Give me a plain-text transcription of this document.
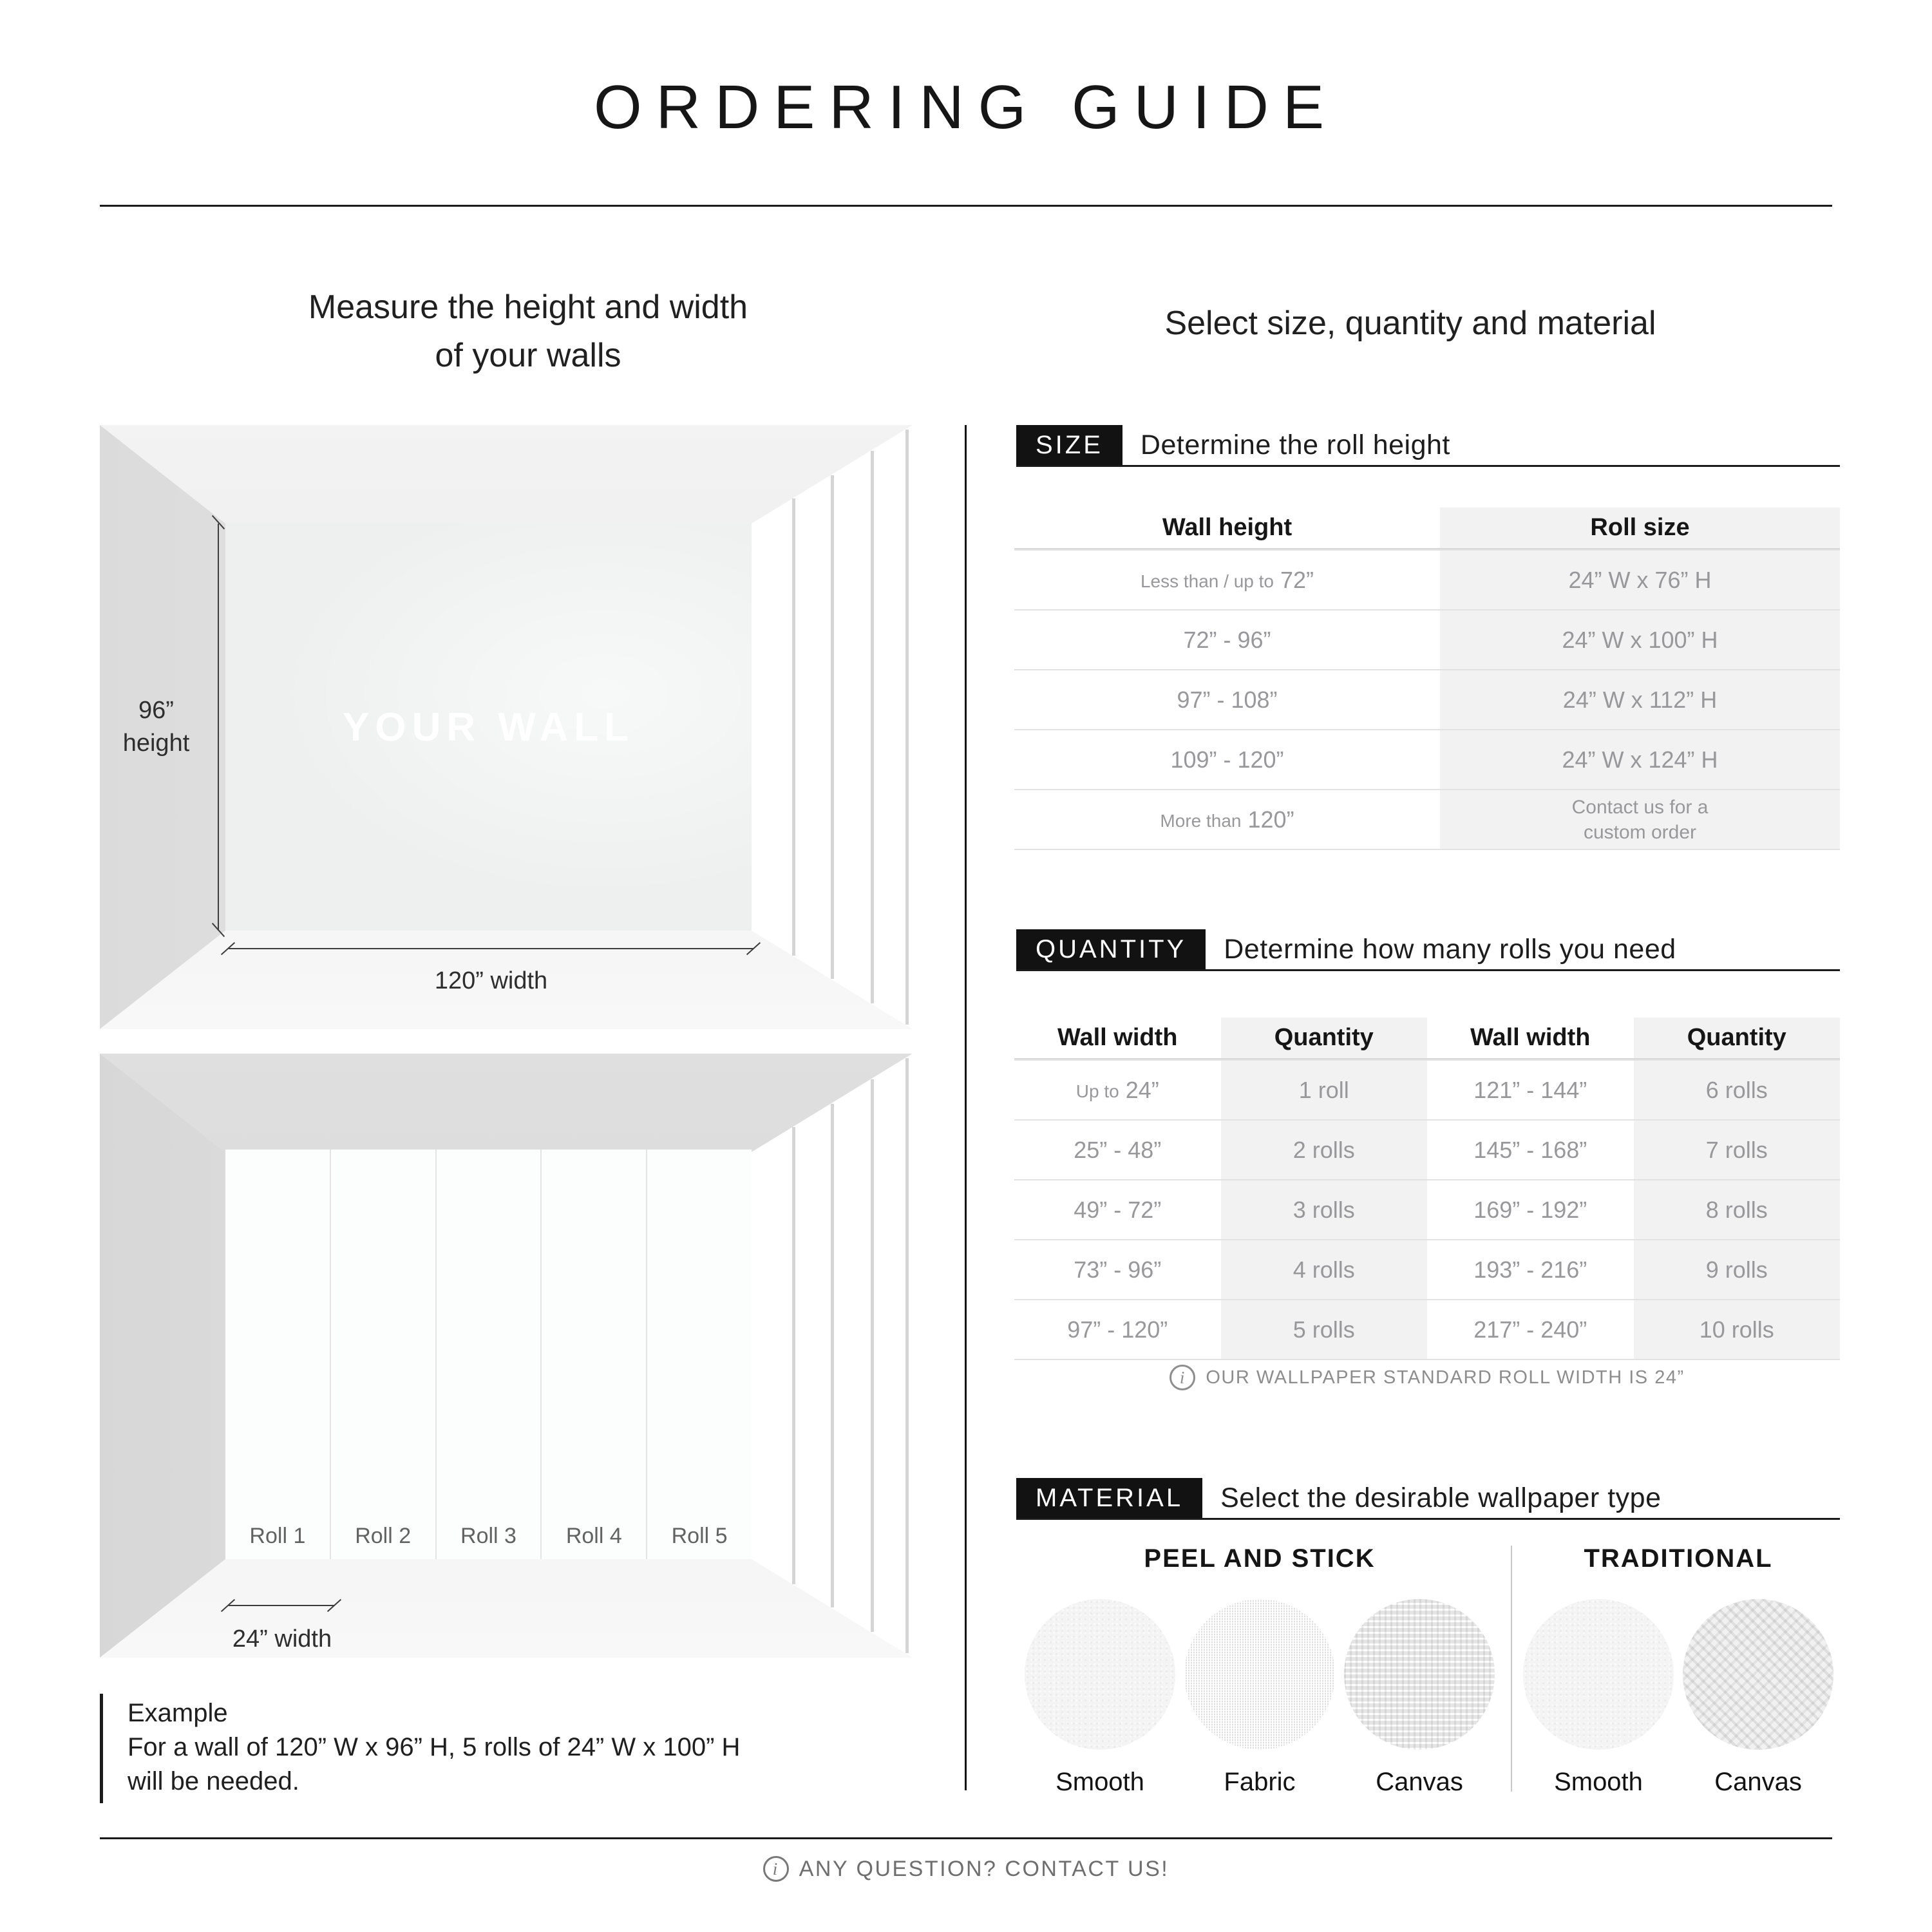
ORDERING GUIDE
Measure the height and width
of your walls
Select size, quantity and material
YOUR WALL
96”
height
120” width
Roll 1 Roll 2 Roll 3 Roll 4 Roll 5
24” width
Example
For a wall of 120” W x 96” H, 5 rolls of 24” W x 100” H
will be needed.
SIZE	Determine the roll height
Wall height	Roll size
Less than / up to 72”	24” W x 76” H
72” - 96”	24” W x 100” H
97” - 108”	24” W x 112” H
109” - 120”	24” W x 124” H
More than 120”	Contact us for a
custom order
QUANTITY	Determine how many rolls you need
Wall width	Quantity	Wall width	Quantity
Up to 24”	1 roll	121” - 144”	6 rolls
25” - 48”	2 rolls	145” - 168”	7 rolls
49” - 72”	3 rolls	169” - 192”	8 rolls
73” - 96”	4 rolls	193” - 216”	9 rolls
97” - 120”	5 rolls	217” - 240”	10 rolls
i	OUR WALLPAPER STANDARD ROLL WIDTH IS 24”
MATERIAL	Select the desirable wallpaper type
PEEL AND STICK
Smooth	Fabric	Canvas
TRADITIONAL
Smooth	Canvas
i ANY QUESTION? CONTACT US!
